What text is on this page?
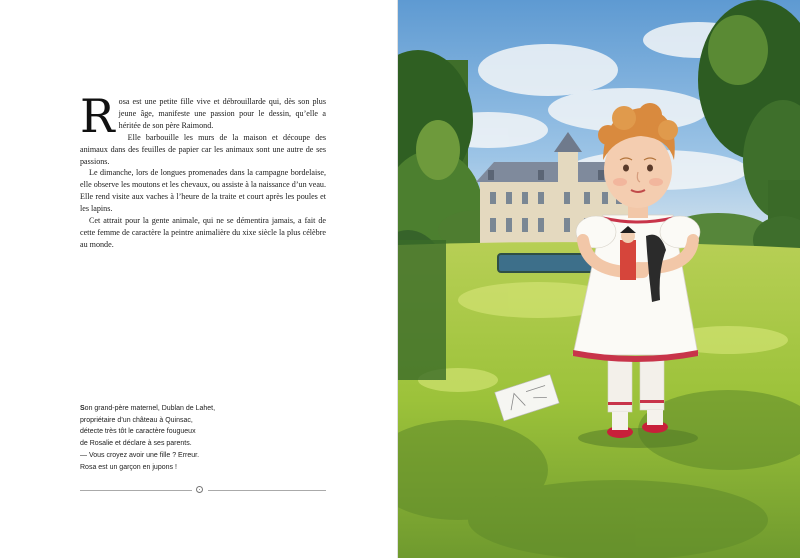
Rosa est une petite fille vive et débrouillarde qui, dès son plus jeune âge, manifeste une passion pour le dessin, qu’elle a héritée de son père Raimond.

Elle barbouille les murs de la maison et découpe des animaux dans des feuilles de papier car les animaux sont une autre de ses passions.

Le dimanche, lors de longues promenades dans la campagne bordelaise, elle observe les moutons et les chevaux, ou assiste à la naissance d’un veau. Elle rend visite aux vaches à l’heure de la traite et court après les poules et les lapins.

Cet attrait pour la gente animale, qui ne se démentira jamais, a fait de cette femme de caractère la peintre animalière du xixe siècle la plus célèbre au monde.

Son grand-père maternel, Dublan de Lahet,
propriétaire d’un château à Quinsac,
détecte très tôt le caractère fougueux
de Rosalie et déclare à ses parents.
— Vous croyez avoir une fille ? Erreur.
Rosa est un garçon en jupons !
